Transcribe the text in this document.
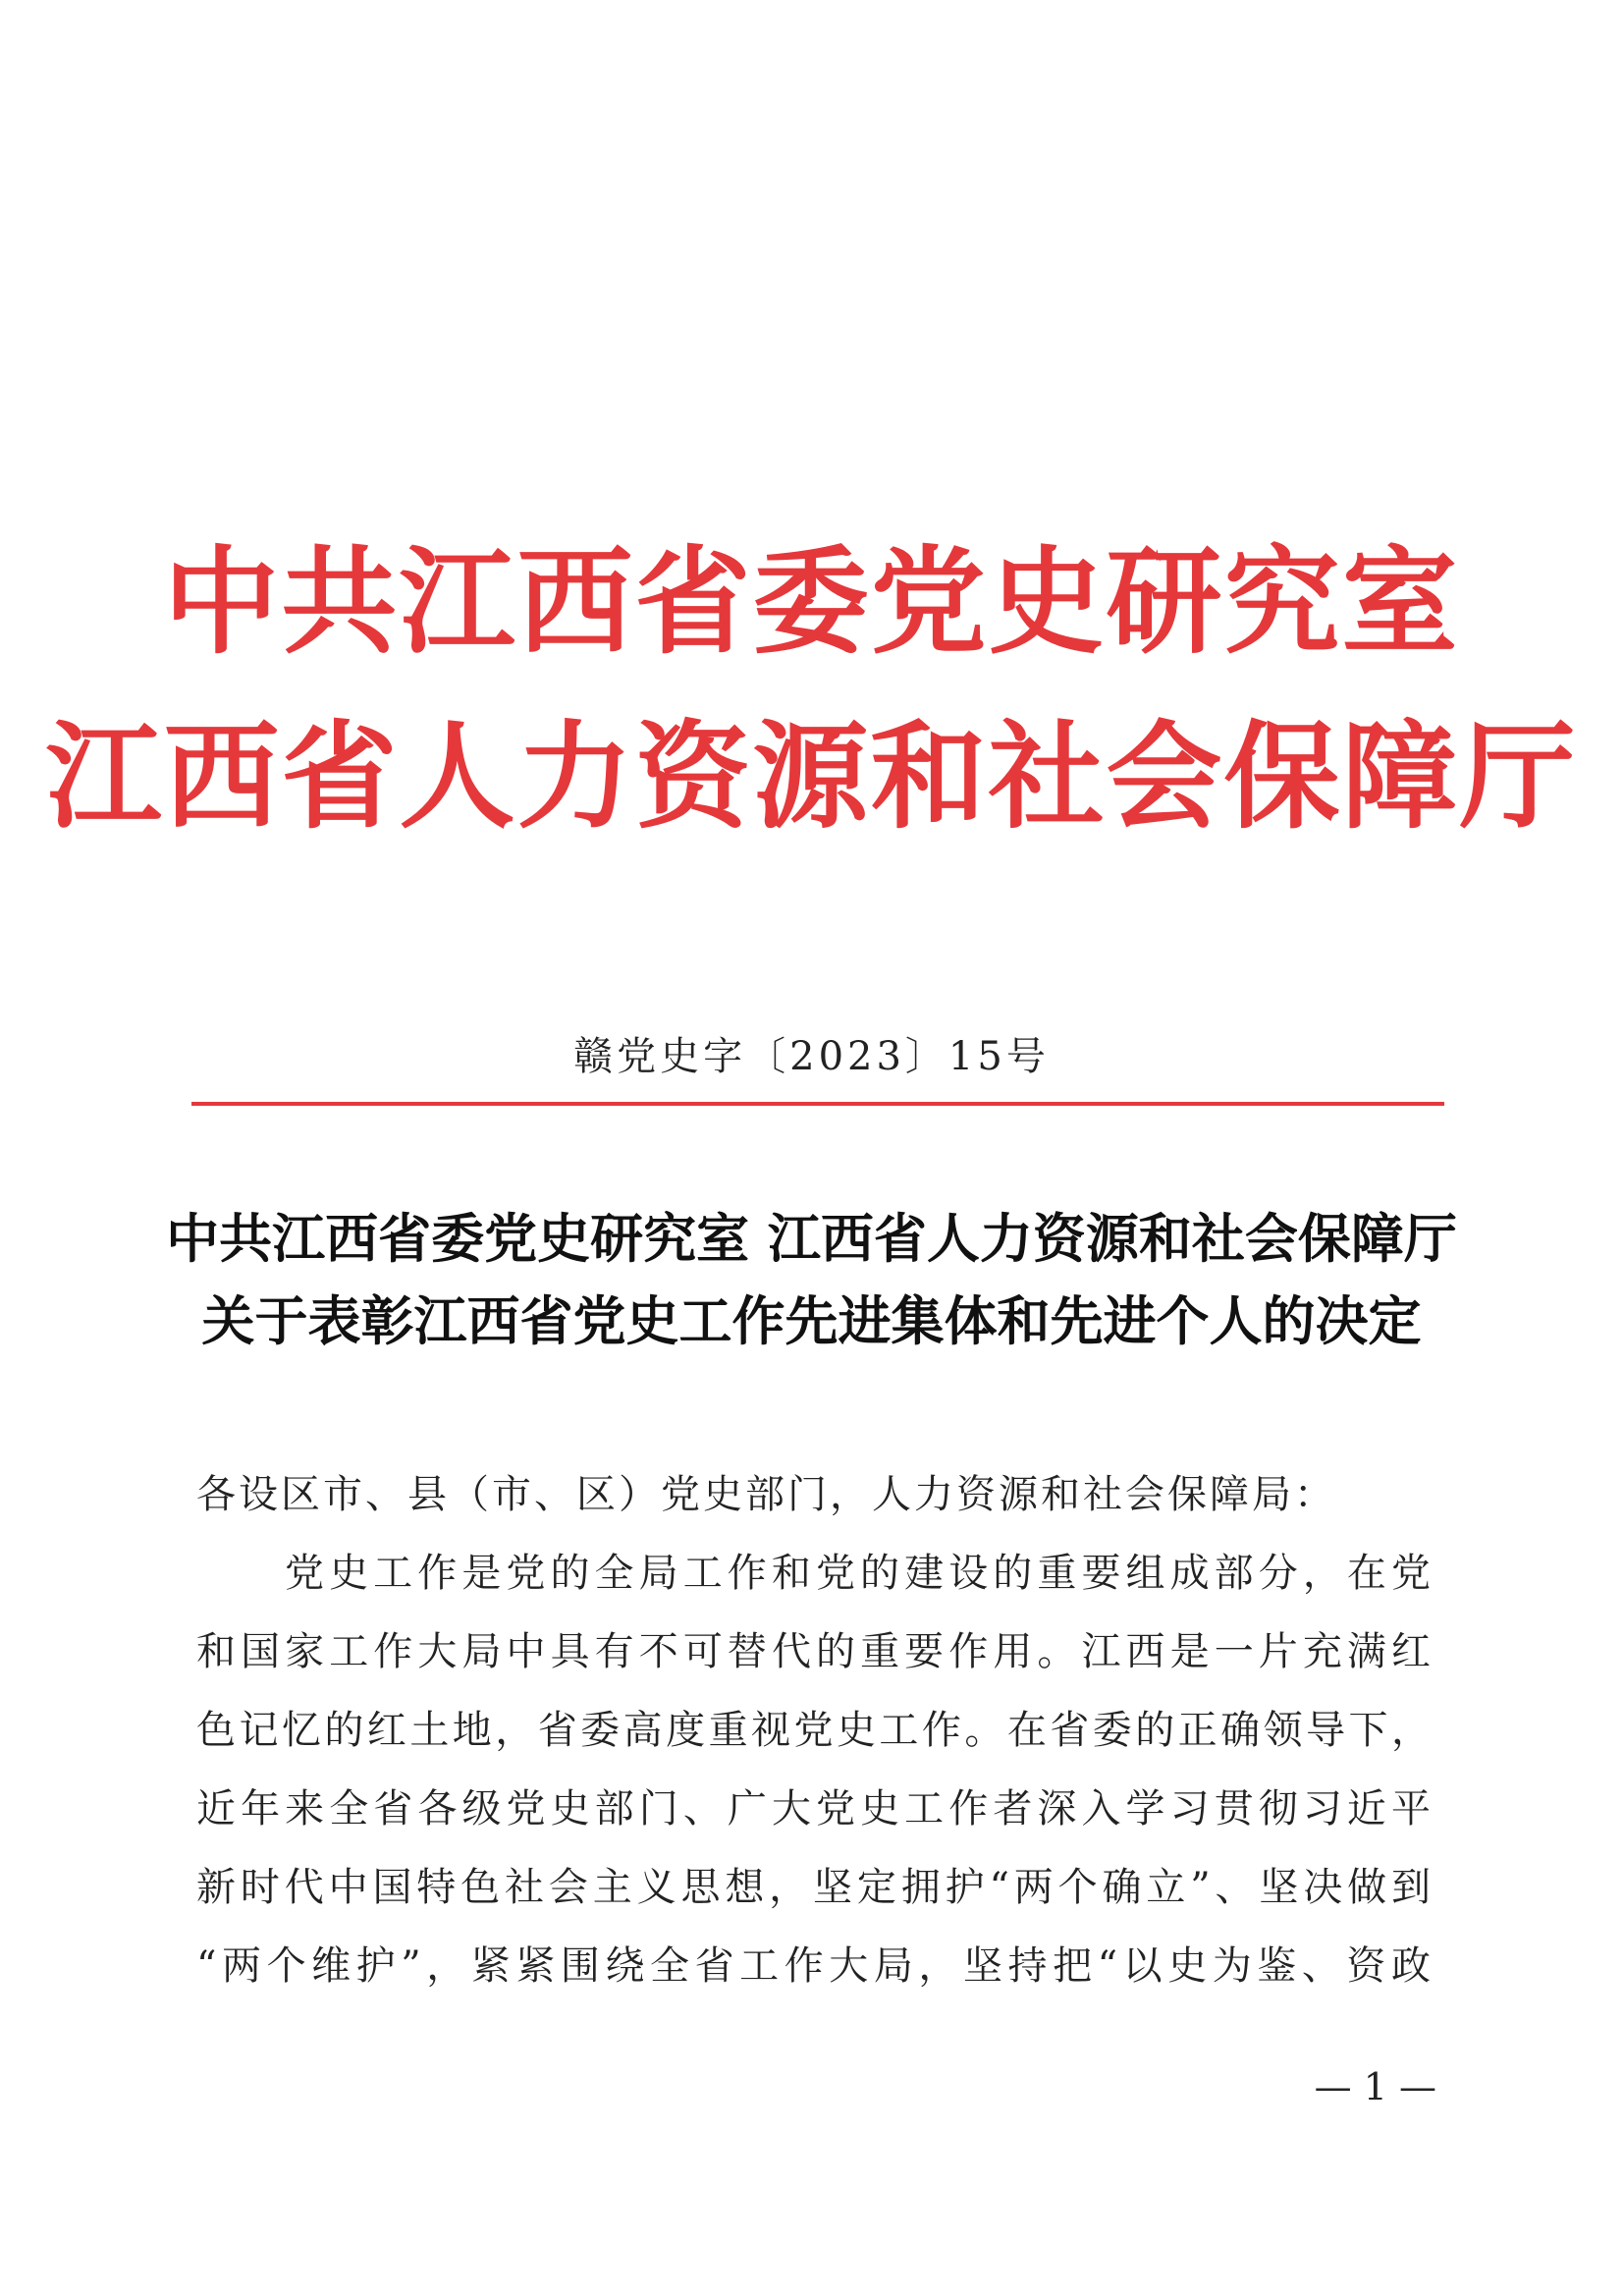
中共江西省委党史研究室
江西省人力资源和社会保障厅
赣党史字〔2023〕15号
中共江西省委党史研究室 江西省人力资源和社会保障厅
关于表彰江西省党史工作先进集体和先进个人的决定
各设区市、县（市、区）党史部门，人力资源和社会保障局：
党史工作是党的全局工作和党的建设的重要组成部分，在党
和国家工作大局中具有不可替代的重要作用。江西是一片充满红
色记忆的红土地，省委高度重视党史工作。在省委的正确领导下，
近年来全省各级党史部门、广大党史工作者深入学习贯彻习近平
新时代中国特色社会主义思想，坚定拥护“两个确立”、坚决做到
“两个维护”，紧紧围绕全省工作大局，坚持把“以史为鉴、资政
— 1 —
